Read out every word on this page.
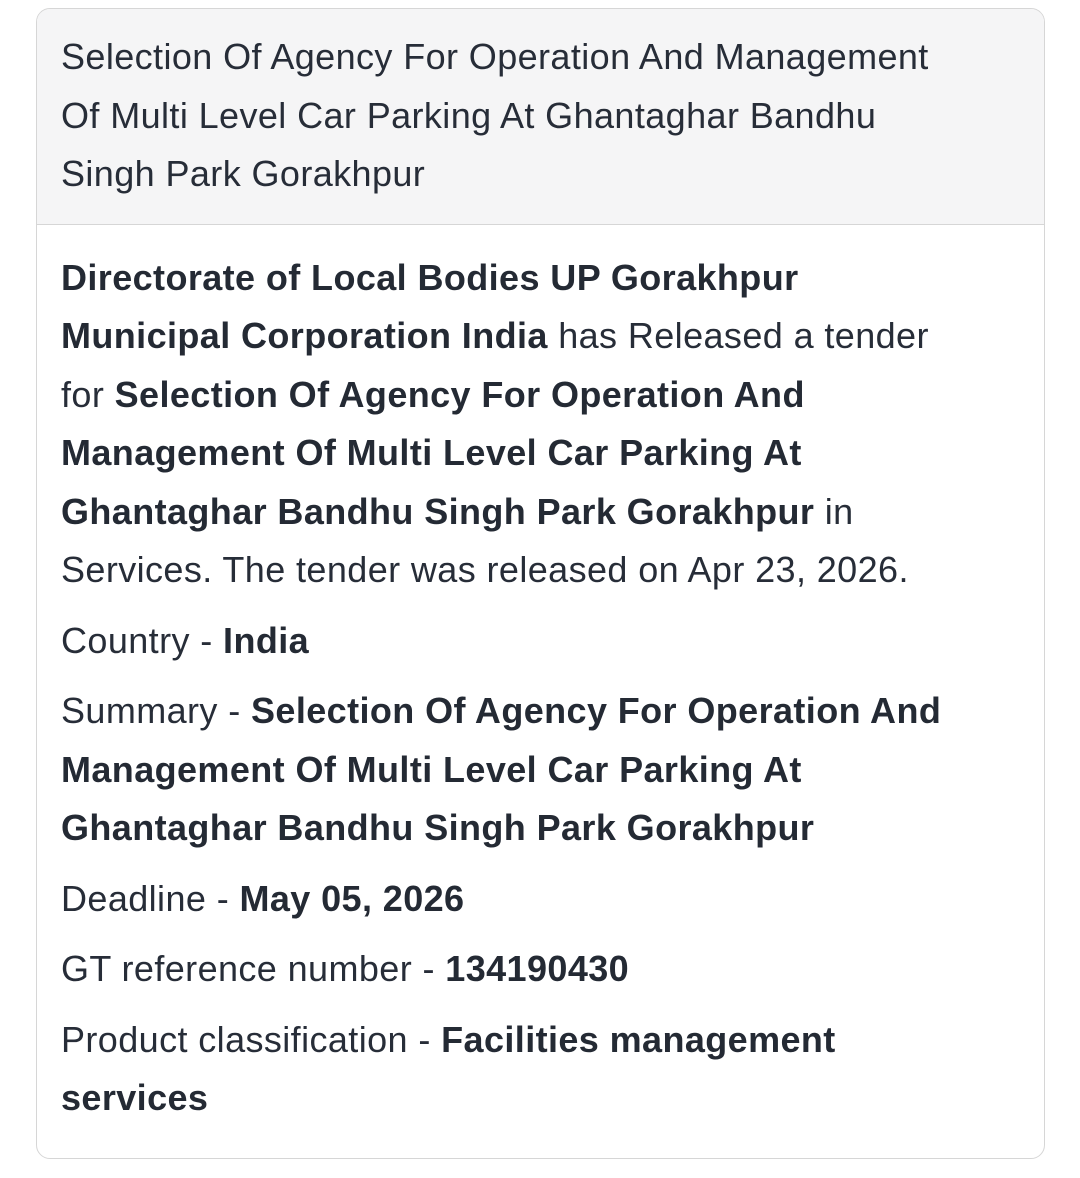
Selection Of Agency For Operation And Management Of Multi Level Car Parking At Ghantaghar Bandhu Singh Park Gorakhpur

Directorate of Local Bodies UP Gorakhpur Municipal Corporation India has Released a tender for Selection Of Agency For Operation And Management Of Multi Level Car Parking At Ghantaghar Bandhu Singh Park Gorakhpur in Services. The tender was released on Apr 23, 2026.

Country - India

Summary - Selection Of Agency For Operation And Management Of Multi Level Car Parking At Ghantaghar Bandhu Singh Park Gorakhpur

Deadline - May 05, 2026

GT reference number - 134190430

Product classification - Facilities management services
